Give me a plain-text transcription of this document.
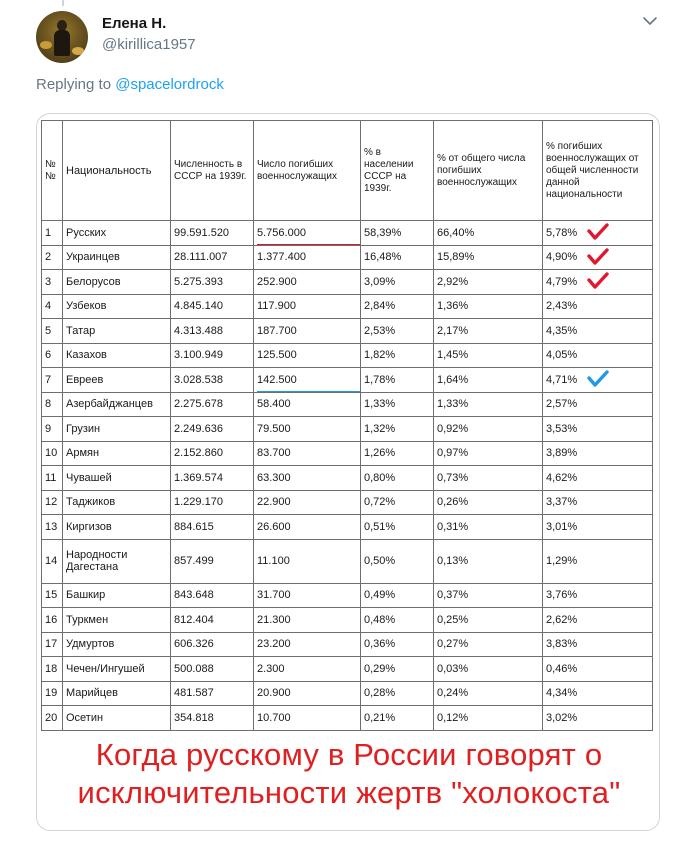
Елена Н.
@kirillica1957
Replying to @spacelordrock
№ №	Национальность	Численность в СССР на 1939г.	Число погибших военнослужащих	% в населении СССР на 1939г.	% от общего числа погибших военнослужащих	% погибших военнослужащих от общей численности данной национальности
1	Русских	99.591.520	5.756.000	58,39%	66,40%	5,78%

2	Украинцев	28.111.007	1.377.400	16,48%	15,89%	4,90%

3	Белорусов	5.275.393	252.900	3,09%	2,92%	4,79%

4	Узбеков	4.845.140	117.900	2,84%	1,36%	2,43%
5	Татар	4.313.488	187.700	2,53%	2,17%	4,35%
6	Казахов	3.100.949	125.500	1,82%	1,45%	4,05%
7	Евреев	3.028.538	142.500	1,78%	1,64%	4,71%

8	Азербайджанцев	2.275.678	58.400	1,33%	1,33%	2,57%
9	Грузин	2.249.636	79.500	1,32%	0,92%	3,53%
10	Армян	2.152.860	83.700	1,26%	0,97%	3,89%
11	Чувашей	1.369.574	63.300	0,80%	0,73%	4,62%
12	Таджиков	1.229.170	22.900	0,72%	0,26%	3,37%
13	Киргизов	884.615	26.600	0,51%	0,31%	3,01%
14	Народности Дагестана	857.499	11.100	0,50%	0,13%	1,29%
15	Башкир	843.648	31.700	0,49%	0,37%	3,76%
16	Туркмен	812.404	21.300	0,48%	0,25%	2,62%
17	Удмуртов	606.326	23.200	0,36%	0,27%	3,83%
18	Чечен/Ингушей	500.088	2.300	0,29%	0,03%	0,46%
19	Марийцев	481.587	20.900	0,28%	0,24%	4,34%
20	Осетин	354.818	10.700	0,21%	0,12%	3,02%
Когда русскому в России говорят о
исключительности жертв "холокоста"
